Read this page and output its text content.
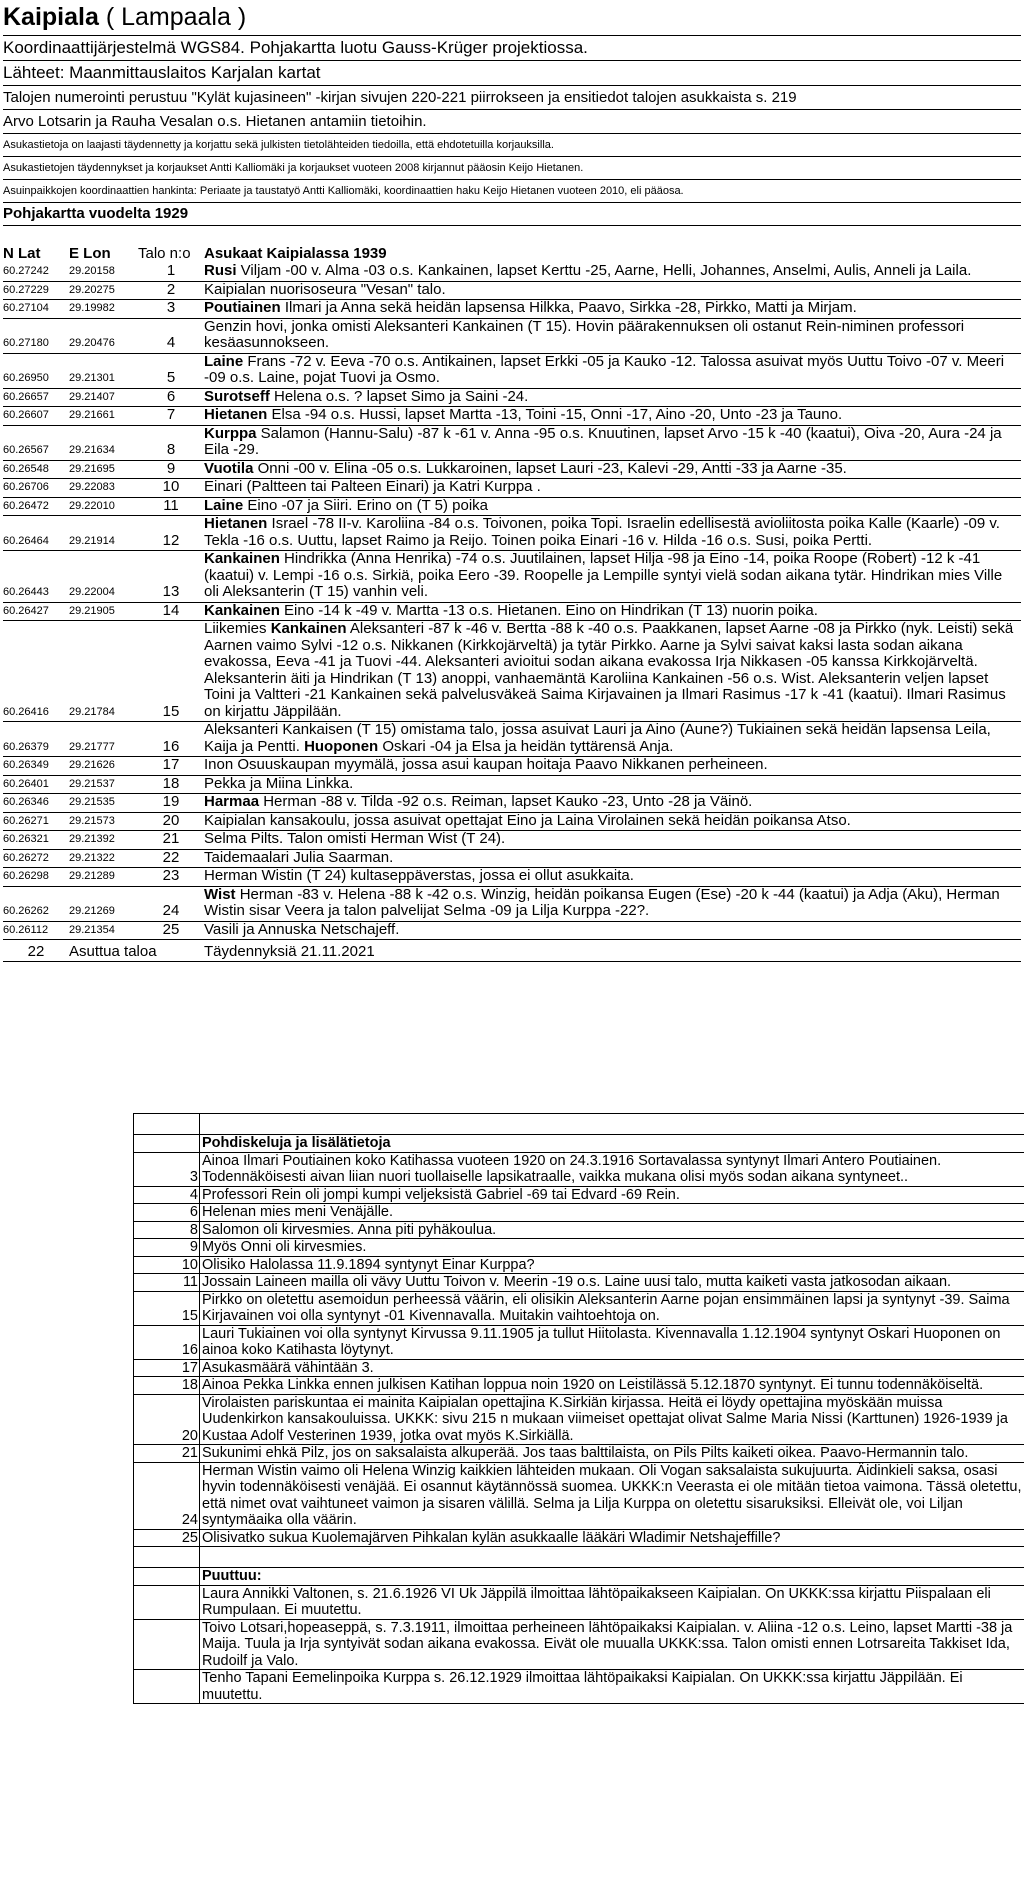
Kaipiala ( Lampaala )
Koordinaattijärjestelmä WGS84. Pohjakartta luotu Gauss-Krüger projektiossa.
Lähteet: Maanmittauslaitos Karjalan kartat
Talojen numerointi perustuu "Kylät kujasineen" -kirjan sivujen 220-221 piirrokseen ja ensitiedot talojen asukkaista s. 219
Arvo Lotsarin ja Rauha Vesalan o.s. Hietanen antamiin tietoihin.
Asukastietoja on laajasti täydennetty ja korjattu sekä julkisten tietolähteiden tiedoilla, että ehdotetuilla korjauksilla.
Asukastietojen täydennykset ja korjaukset Antti Kalliomäki ja korjaukset vuoteen 2008 kirjannut pääosin Keijo Hietanen.
Asuinpaikkojen koordinaattien hankinta: Periaate ja taustatyö Antti Kalliomäki, koordinaattien haku Keijo Hietanen vuoteen 2010, eli pääosa.
Pohjakartta vuodelta 1929
N Lat	E Lon	Talo n:o	Asukaat Kaipialassa 1939
60.27242	29.20158	1	Rusi Viljam -00 v. Alma -03 o.s. Kankainen, lapset Kerttu -25, Aarne, Helli, Johannes, Anselmi, Aulis, Anneli ja Laila.
60.27229	29.20275	2	Kaipialan nuorisoseura "Vesan" talo.
60.27104	29.19982	3	Poutiainen Ilmari ja Anna sekä heidän lapsensa Hilkka, Paavo, Sirkka -28, Pirkko, Matti ja Mirjam.
60.27180	29.20476	4	Genzin hovi, jonka omisti Aleksanteri Kankainen (T 15). Hovin päärakennuksen oli ostanut Rein-niminen professori kesäasunnokseen.
60.26950	29.21301	5	Laine Frans -72 v. Eeva -70 o.s. Antikainen, lapset Erkki -05 ja Kauko -12. Talossa asuivat myös Uuttu Toivo -07 v. Meeri -09 o.s. Laine, pojat Tuovi ja Osmo.
60.26657	29.21407	6	Surotseff Helena o.s. ? lapset Simo ja Saini -24.
60.26607	29.21661	7	Hietanen Elsa -94 o.s. Hussi, lapset Martta -13, Toini -15, Onni -17, Aino -20, Unto -23 ja Tauno.
60.26567	29.21634	8	Kurppa Salamon (Hannu-Salu) -87 k -61 v. Anna -95 o.s. Knuutinen, lapset Arvo -15 k -40 (kaatui), Oiva -20, Aura -24 ja Eila -29.
60.26548	29.21695	9	Vuotila Onni -00 v. Elina -05 o.s. Lukkaroinen, lapset Lauri -23, Kalevi -29, Antti -33 ja Aarne -35.
60.26706	29.22083	10	Einari (Paltteen tai Palteen Einari) ja Katri Kurppa .
60.26472	29.22010	11	Laine Eino -07 ja Siiri. Erino on (T 5) poika
60.26464	29.21914	12	Hietanen Israel -78 II-v. Karoliina -84 o.s. Toivonen, poika Topi. Israelin edellisestä avioliitosta poika Kalle (Kaarle) -09 v. Tekla -16 o.s. Uuttu, lapset Raimo ja Reijo. Toinen poika Einari -16 v. Hilda -16 o.s. Susi, poika Pertti.
60.26443	29.22004	13	Kankainen Hindrikka (Anna Henrika) -74 o.s. Juutilainen, lapset Hilja -98 ja Eino -14, poika Roope (Robert) -12 k -41 (kaatui) v. Lempi -16 o.s. Sirkiä, poika Eero -39. Roopelle ja Lempille syntyi vielä sodan aikana tytär. Hindrikan mies Ville oli Aleksanterin (T 15) vanhin veli.
60.26427	29.21905	14	Kankainen Eino -14 k -49 v. Martta -13 o.s. Hietanen. Eino on Hindrikan (T 13) nuorin poika.
60.26416	29.21784	15	Liikemies Kankainen Aleksanteri -87 k -46 v. Bertta -88 k -40 o.s. Paakkanen, lapset Aarne -08 ja Pirkko (nyk. Leisti) sekä Aarnen vaimo Sylvi -12 o.s. Nikkanen (Kirkkojärveltä) ja tytär Pirkko. Aarne ja Sylvi saivat kaksi lasta sodan aikana evakossa, Eeva -41 ja Tuovi -44. Aleksanteri avioitui sodan aikana evakossa Irja Nikkasen -05 kanssa Kirkkojärveltä. Aleksanterin äiti ja Hindrikan (T 13) anoppi, vanhaemäntä Karoliina Kankainen -56 o.s. Wist. Aleksanterin veljen lapset Toini ja Valtteri -21 Kankainen sekä palvelusväkeä Saima Kirjavainen ja Ilmari Rasimus -17 k -41 (kaatui). Ilmari Rasimus on kirjattu Jäppilään.
60.26379	29.21777	16	Aleksanteri Kankaisen (T 15) omistama talo, jossa asuivat Lauri ja Aino (Aune?) Tukiainen sekä heidän lapsensa Leila, Kaija ja Pentti. Huoponen Oskari -04 ja Elsa ja heidän tyttärensä Anja.
60.26349	29.21626	17	Inon Osuuskaupan myymälä, jossa asui kaupan hoitaja Paavo Nikkanen perheineen.
60.26401	29.21537	18	Pekka ja Miina Linkka.
60.26346	29.21535	19	Harmaa Herman -88 v. Tilda -92 o.s. Reiman, lapset Kauko -23, Unto -28 ja Väinö.
60.26271	29.21573	20	Kaipialan kansakoulu, jossa asuivat opettajat Eino ja Laina Virolainen sekä heidän poikansa Atso.
60.26321	29.21392	21	Selma Pilts. Talon omisti Herman Wist (T 24).
60.26272	29.21322	22	Taidemaalari Julia Saarman.
60.26298	29.21289	23	Herman Wistin (T 24) kultaseppäverstas, jossa ei ollut asukkaita.
60.26262	29.21269	24	Wist Herman -83 v. Helena -88 k -42 o.s. Winzig, heidän poikansa Eugen (Ese) -20 k -44 (kaatui) ja Adja (Aku), Herman Wistin sisar Veera ja talon palvelijat Selma -09 ja Lilja Kurppa -22?.
60.26112	29.21354	25	Vasili ja Annuska Netschajeff.
22	Asuttua taloa		Täydennyksiä 21.11.2021

	Pohdiskeluja ja lisälätietoja
3	Ainoa Ilmari Poutiainen koko Katihassa vuoteen 1920 on 24.3.1916 Sortavalassa syntynyt Ilmari Antero Poutiainen. Todennäköisesti aivan liian nuori tuollaiselle lapsikatraalle, vaikka mukana olisi myös sodan aikana syntyneet..
4	Professori Rein oli jompi kumpi veljeksistä Gabriel -69 tai Edvard -69 Rein.
6	Helenan mies meni Venäjälle.
8	Salomon oli kirvesmies. Anna piti pyhäkoulua.
9	Myös Onni oli kirvesmies.
10	Olisiko Halolassa 11.9.1894 syntynyt Einar Kurppa?
11	Jossain Laineen mailla oli vävy Uuttu Toivon v. Meerin -19 o.s. Laine uusi talo, mutta kaiketi vasta jatkosodan aikaan.
15	Pirkko on oletettu asemoidun perheessä väärin, eli olisikin Aleksanterin Aarne pojan ensimmäinen lapsi ja syntynyt -39. Saima Kirjavainen voi olla syntynyt -01 Kivennavalla. Muitakin vaihtoehtoja on.
16	Lauri Tukiainen voi olla syntynyt Kirvussa 9.11.1905 ja tullut Hiitolasta. Kivennavalla 1.12.1904 syntynyt Oskari Huoponen on ainoa koko Katihasta löytynyt.
17	Asukasmäärä vähintään 3.
18	Ainoa Pekka Linkka ennen julkisen Katihan loppua noin 1920 on Leistilässä 5.12.1870 syntynyt. Ei tunnu todennäköiseltä.
20	Virolaisten pariskuntaa ei mainita Kaipialan opettajina K.Sirkiän kirjassa. Heitä ei löydy opettajina myöskään muissa Uudenkirkon kansakouluissa. UKKK: sivu 215 n mukaan viimeiset opettajat olivat Salme Maria Nissi (Karttunen) 1926-1939 ja Kustaa Adolf Vesterinen 1939, jotka ovat myös K.Sirkiällä.
21	Sukunimi ehkä Pilz, jos on saksalaista alkuperää. Jos taas balttilaista, on Pils Pilts kaiketi oikea. Paavo-Hermannin talo.
24	Herman Wistin vaimo oli Helena Winzig kaikkien lähteiden mukaan. Oli Vogan saksalaista sukujuurta. Äidinkieli saksa, osasi hyvin todennäköisesti venäjää. Ei osannut käytännössä suomea. UKKK:n Veerasta ei ole mitään tietoa vaimona. Tässä oletettu, että nimet ovat vaihtuneet vaimon ja sisaren välillä. Selma ja Lilja Kurppa on oletettu sisaruksiksi. Elleivät ole, voi Liljan syntymäaika olla väärin.
25	Olisivatko sukua Kuolemajärven Pihkalan kylän asukkaalle lääkäri Wladimir Netshajeffille?

	Puuttuu:
	Laura Annikki Valtonen, s. 21.6.1926 VI Uk Jäppilä ilmoittaa lähtöpaikakseen Kaipialan. On UKKK:ssa kirjattu Piispalaan eli Rumpulaan. Ei muutettu.
	Toivo Lotsari,hopeaseppä, s. 7.3.1911, ilmoittaa perheineen lähtöpaikaksi Kaipialan. v. Aliina -12 o.s. Leino, lapset Martti -38 ja Maija. Tuula ja Irja syntyivät sodan aikana evakossa. Eivät ole muualla UKKK:ssa. Talon omisti ennen Lotrsareita Takkiset Ida, Rudoilf ja Valo.
	Tenho Tapani Eemelinpoika Kurppa s. 26.12.1929 ilmoittaa lähtöpaikaksi Kaipialan. On UKKK:ssa kirjattu Jäppilään. Ei muutettu.
